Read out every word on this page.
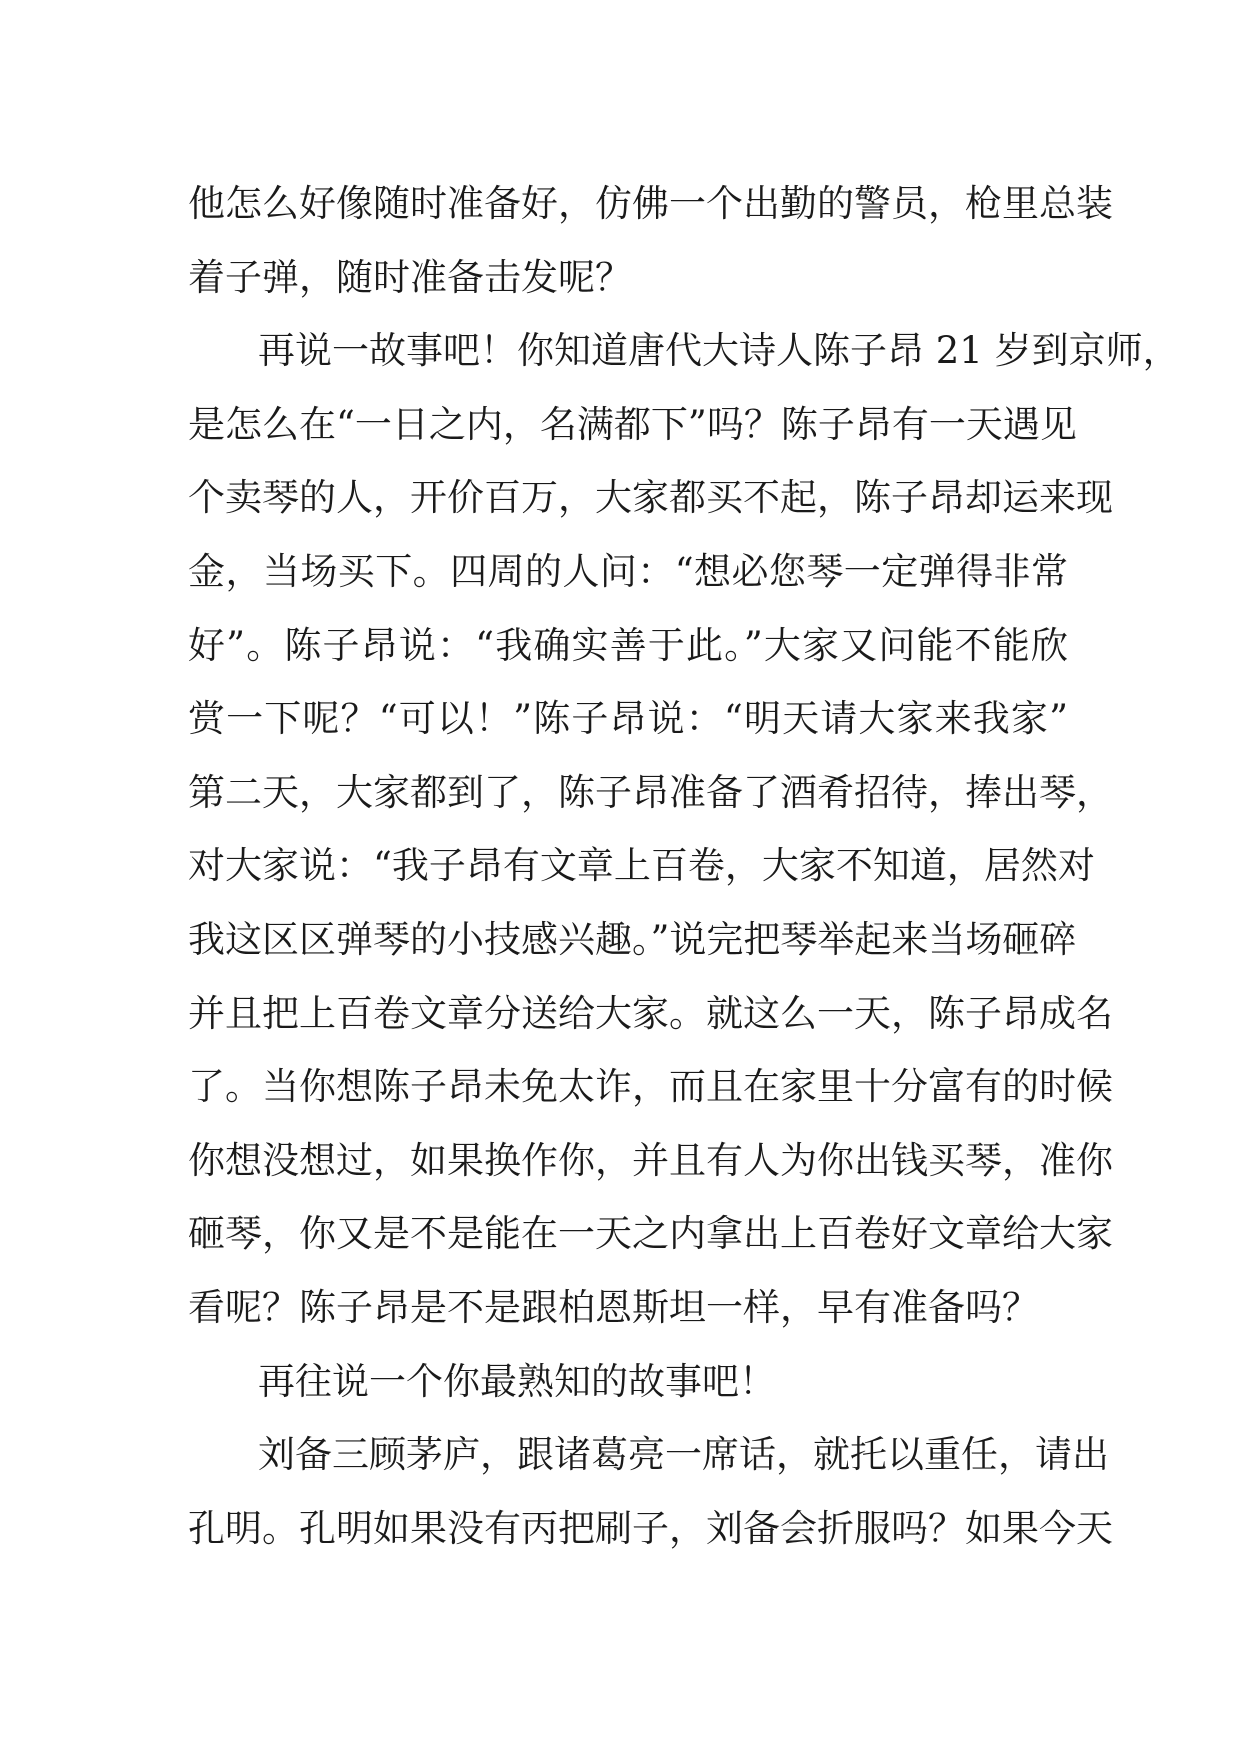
他怎么好像随时准备好，仿佛一个出勤的警员，枪里总装
着子弹，随时准备击发呢？
再说一故事吧！你知道唐代大诗人陈子昂 21 岁到京师，
是怎么在“一日之内，名满都下”吗？陈子昂有一天遇见
个卖琴的人，开价百万，大家都买不起，陈子昂却运来现
金，当场买下。四周的人问：“想必您琴一定弹得非常
好”。陈子昂说：“我确实善于此。”大家又问能不能欣
赏一下呢？“可以！”陈子昂说：“明天请大家来我家”
第二天，大家都到了，陈子昂准备了酒肴招待，捧出琴，
对大家说：“我子昂有文章上百卷，大家不知道，居然对
我这区区弹琴的小技感兴趣。”说完把琴举起来当场砸碎
并且把上百卷文章分送给大家。就这么一天，陈子昂成名
了。当你想陈子昂未免太诈，而且在家里十分富有的时候
你想没想过，如果换作你，并且有人为你出钱买琴，准你
砸琴，你又是不是能在一天之内拿出上百卷好文章给大家
看呢？陈子昂是不是跟柏恩斯坦一样，早有准备吗？
再往说一个你最熟知的故事吧！
刘备三顾茅庐，跟诸葛亮一席话，就托以重任，请出
孔明。孔明如果没有丙把刷子，刘备会折服吗？如果今天
